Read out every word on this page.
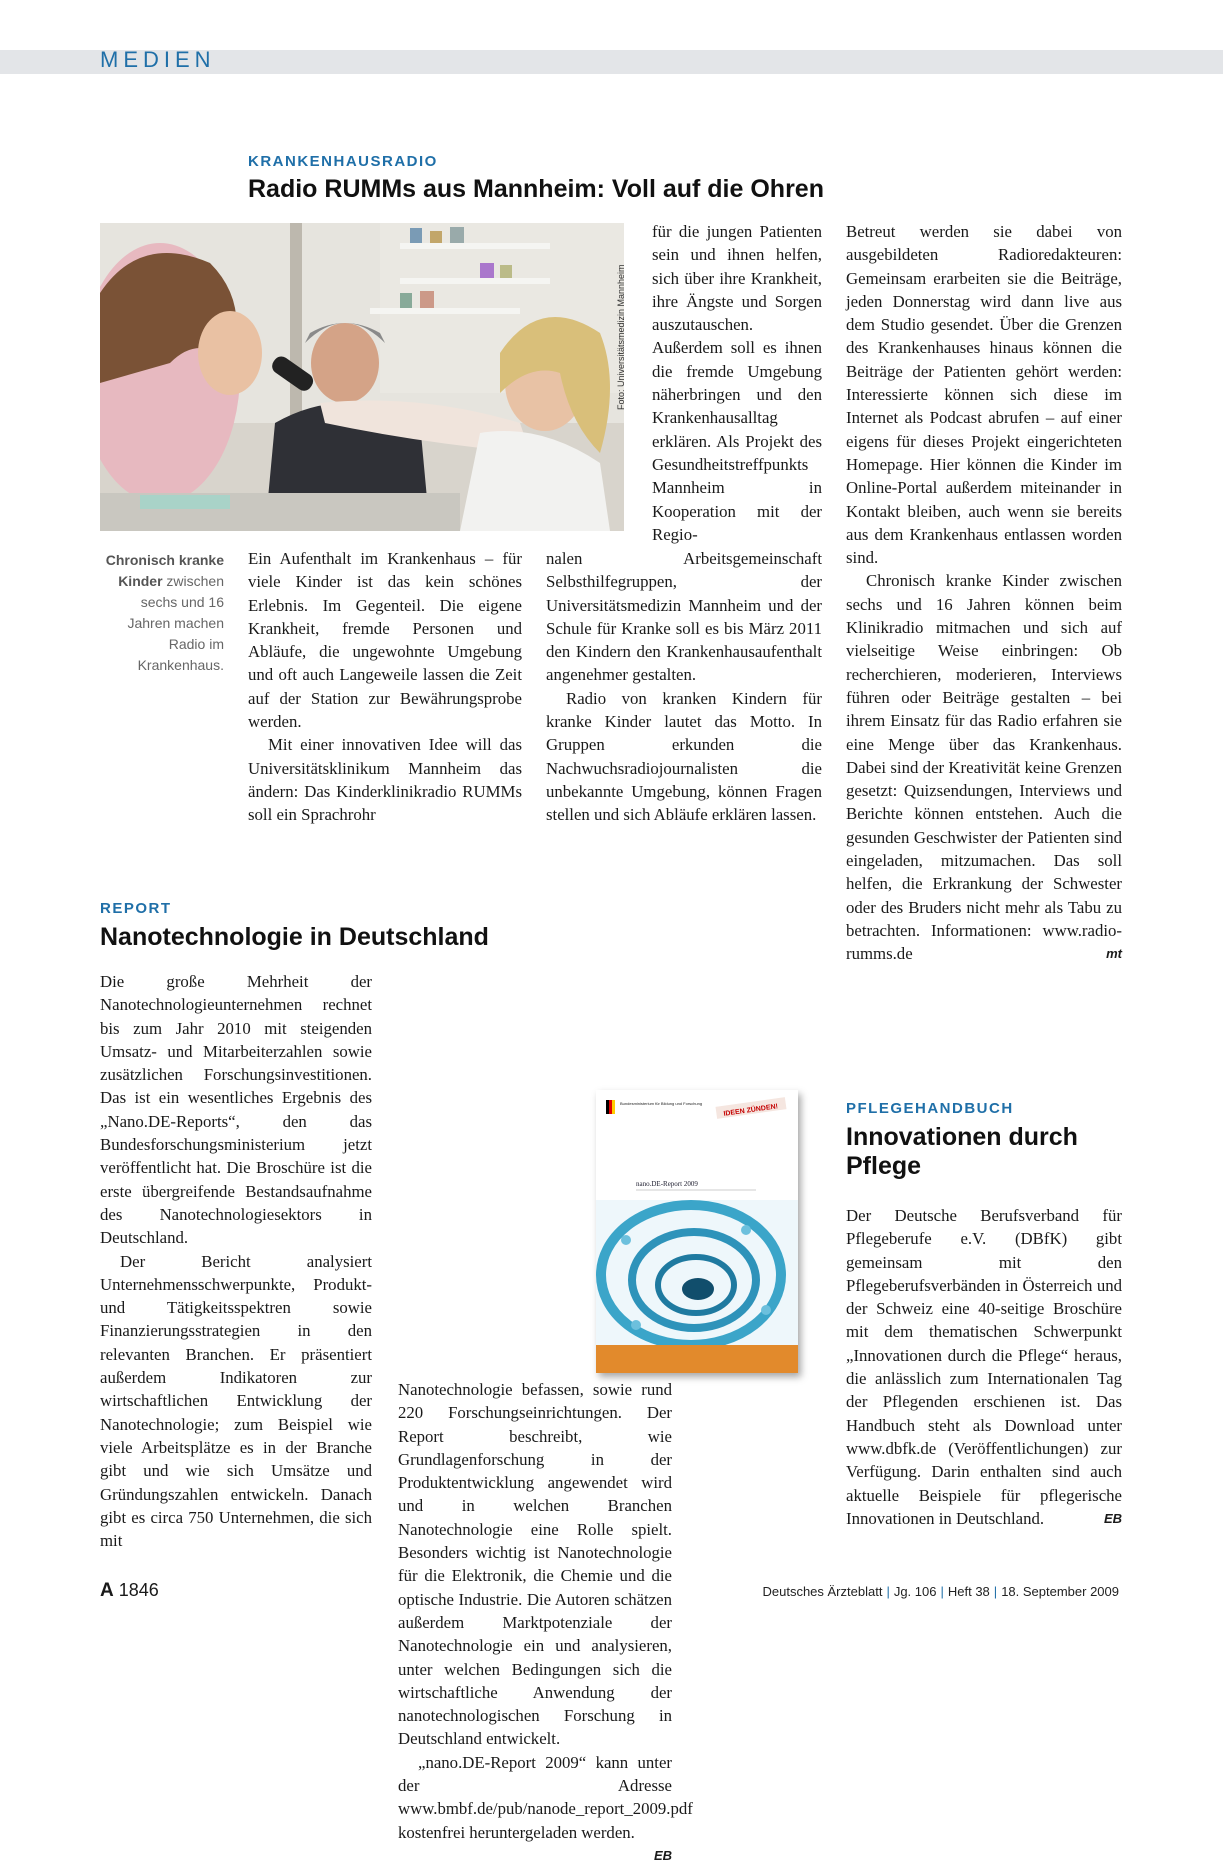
MEDIEN
KRANKENHAUSRADIO
Radio RUMMs aus Mannheim: Voll auf die Ohren
Foto: Universitätsmedizin Mannheim
Chronisch kranke Kinder zwischen sechs und 16 Jahren machen Radio im Krankenhaus.

Ein Aufenthalt im Krankenhaus – für viele Kinder ist das kein schönes Erlebnis. Im Gegenteil. Die eigene Krankheit, fremde Personen und Abläufe, die ungewohnte Umgebung und oft auch Langeweile lassen die Zeit auf der Station zur Bewährungsprobe werden.

Mit einer innovativen Idee will das Universitätsklinikum Mannheim das ändern: Das Kinderklinikradio RUMMs soll ein Sprachrohr

für die jungen Patienten sein und ihnen helfen, sich über ihre Krankheit, ihre Ängste und Sorgen auszutauschen. Außerdem soll es ihnen die fremde Umgebung näherbringen und den Krankenhausalltag erklären. Als Projekt des Gesundheitstreffpunkts Mannheim in Kooperation mit der Regio-

nalen Arbeitsgemeinschaft Selbsthilfegruppen, der Universitätsmedizin Mannheim und der Schule für Kranke soll es bis März 2011 den Kindern den Krankenhausaufenthalt angenehmer gestalten.

Radio von kranken Kindern für kranke Kinder lautet das Motto. In Gruppen erkunden die Nachwuchsradiojournalisten die unbekannte Umgebung, können Fragen stellen und sich Abläufe erklären lassen.

Betreut werden sie dabei von ausgebildeten Radioredakteuren: Gemeinsam erarbeiten sie die Beiträge, jeden Donnerstag wird dann live aus dem Studio gesendet. Über die Grenzen des Krankenhauses hinaus können die Beiträge der Patienten gehört werden: Interessierte können sich diese im Internet als Podcast abrufen – auf einer eigens für dieses Projekt eingerichteten Homepage. Hier können die Kinder im Online-Portal außerdem miteinander in Kontakt bleiben, auch wenn sie bereits aus dem Krankenhaus entlassen worden sind.

Chronisch kranke Kinder zwischen sechs und 16 Jahren können beim Klinikradio mitmachen und sich auf vielseitige Weise einbringen: Ob recherchieren, moderieren, Interviews führen oder Beiträge gestalten – bei ihrem Einsatz für das Radio erfahren sie eine Menge über das Krankenhaus. Dabei sind der Kreativität keine Grenzen gesetzt: Quizsendungen, Interviews und Berichte können entstehen. Auch die gesunden Geschwister der Patienten sind eingeladen, mitzumachen. Das soll helfen, die Erkrankung der Schwester oder des Bruders nicht mehr als Tabu zu betrachten. Informationen: www.radio-rumms.de	mt

REPORT
Nanotechnologie in Deutschland

Die große Mehrheit der Nanotechnologieunternehmen rechnet bis zum Jahr 2010 mit steigenden Umsatz- und Mitarbeiterzahlen sowie zusätzlichen Forschungsinvestitionen. Das ist ein wesentliches Ergebnis des „Nano.DE-Reports“, den das Bundesforschungsministerium jetzt veröffentlicht hat. Die Broschüre ist die erste übergreifende Bestandsaufnahme des Nanotechnologiesektors in Deutschland.

Der Bericht analysiert Unternehmensschwerpunkte, Produkt- und Tätigkeitsspektren sowie Finanzierungsstrategien in den relevanten Branchen. Er präsentiert außerdem Indikatoren zur wirtschaftlichen Entwicklung der Nanotechnologie; zum Beispiel wie viele Arbeitsplätze es in der Branche gibt und wie sich Umsätze und Gründungszahlen entwickeln. Danach gibt es circa 750 Unternehmen, die sich mit

Nanotechnologie befassen, sowie rund 220 Forschungseinrichtungen. Der Report beschreibt, wie Grundlagenforschung in der Produktentwicklung angewendet wird und in welchen Branchen Nanotechnologie eine Rolle spielt. Besonders wichtig ist Nanotechnologie für die Elektronik, die Chemie und die optische Industrie. Die Autoren schätzen außerdem Marktpotenziale der Nanotechnologie ein und analysieren, unter welchen Bedingungen sich die wirtschaftliche Anwendung der nanotechnologischen Forschung in Deutschland entwickelt.

„nano.DE-Report 2009“ kann unter der Adresse www.bmbf.de/pub/nanode_report_2009.pdf kostenfrei heruntergeladen werden.
EB

Bundesministerium für Bildung und Forschung	IDEEN ZÜNDEN!
nano.DE-Report 2009
PFLEGEHANDBUCH
Innovationen durch
Pflege

Der Deutsche Berufsverband für Pflegeberufe e.V. (DBfK) gibt gemeinsam mit den Pflegeberufsverbänden in Österreich und der Schweiz eine 40-seitige Broschüre mit dem thematischen Schwerpunkt „Innovationen durch die Pflege“ heraus, die anlässlich zum Internationalen Tag der Pflegenden erschienen ist. Das Handbuch steht als Download unter www.dbfk.de (Veröffentlichungen) zur Verfügung. Darin enthalten sind auch aktuelle Beispiele für pflegerische Innovationen in Deutschland.	EB

A 1846	Deutsches Ärzteblatt | Jg. 106 | Heft 38 | 18. September 2009
